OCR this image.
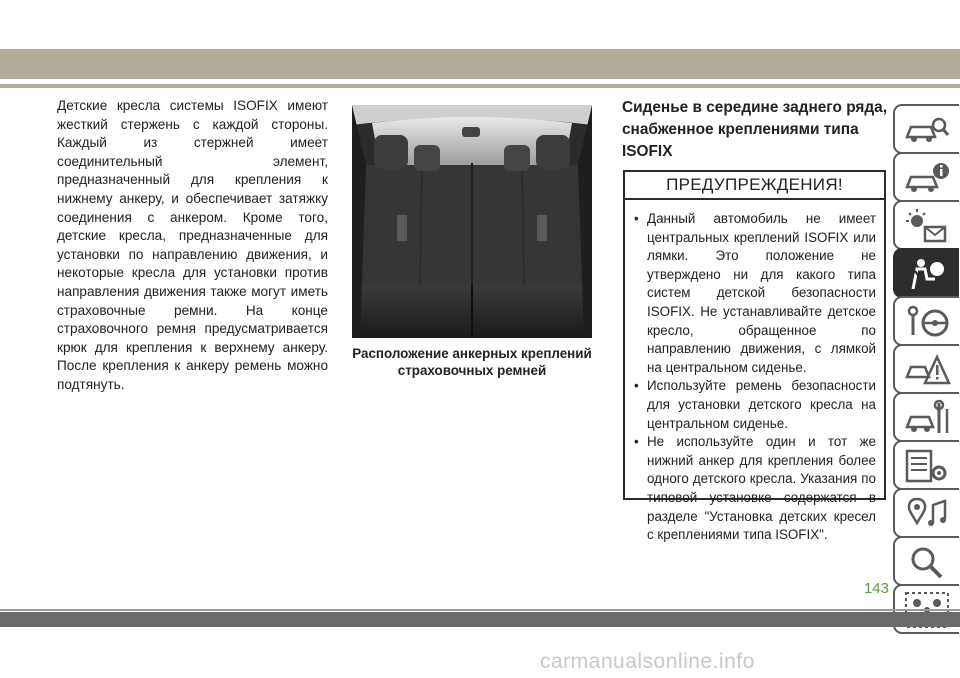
Детские кресла системы ISOFIX имеют жесткий стержень с каждой стороны. Каждый из стержней имеет соединительный элемент, предназначенный для крепления к нижнему анкеру, и обеспечивает затяжку соединения с анкером. Кроме того, детские кресла, предназначенные для установки по направлению движения, и некоторые кресла для установки против направления движения также могут иметь страховочные ремни. На конце страховочного ремня предусматривается крюк для крепления к верхнему анкеру. После крепления к анкеру ремень можно подтянуть.
Расположение анкерных креплений страховочных ремней
Сиденье в середине заднего ряда, снабженное креплениями типа ISOFIX
ПРЕДУПРЕЖДЕНИЯ!
• Данный автомобиль не имеет центральных креплений ISOFIX или лямки. Это положение не утверждено ни для какого типа систем детской безопасности ISOFIX. Не устанавливайте детское кресло, обращенное по направлению движения, с лямкой на центральном сиденье.
• Используйте ремень безопасности для установки детского кресла на центральном сиденье.
• Не используйте один и тот же нижний анкер для крепления более одного детского кресла. Указания по типовой установке содержатся в разделе "Установка детских кресел с креплениями типа ISOFIX".
143
carmanualsonline.info
